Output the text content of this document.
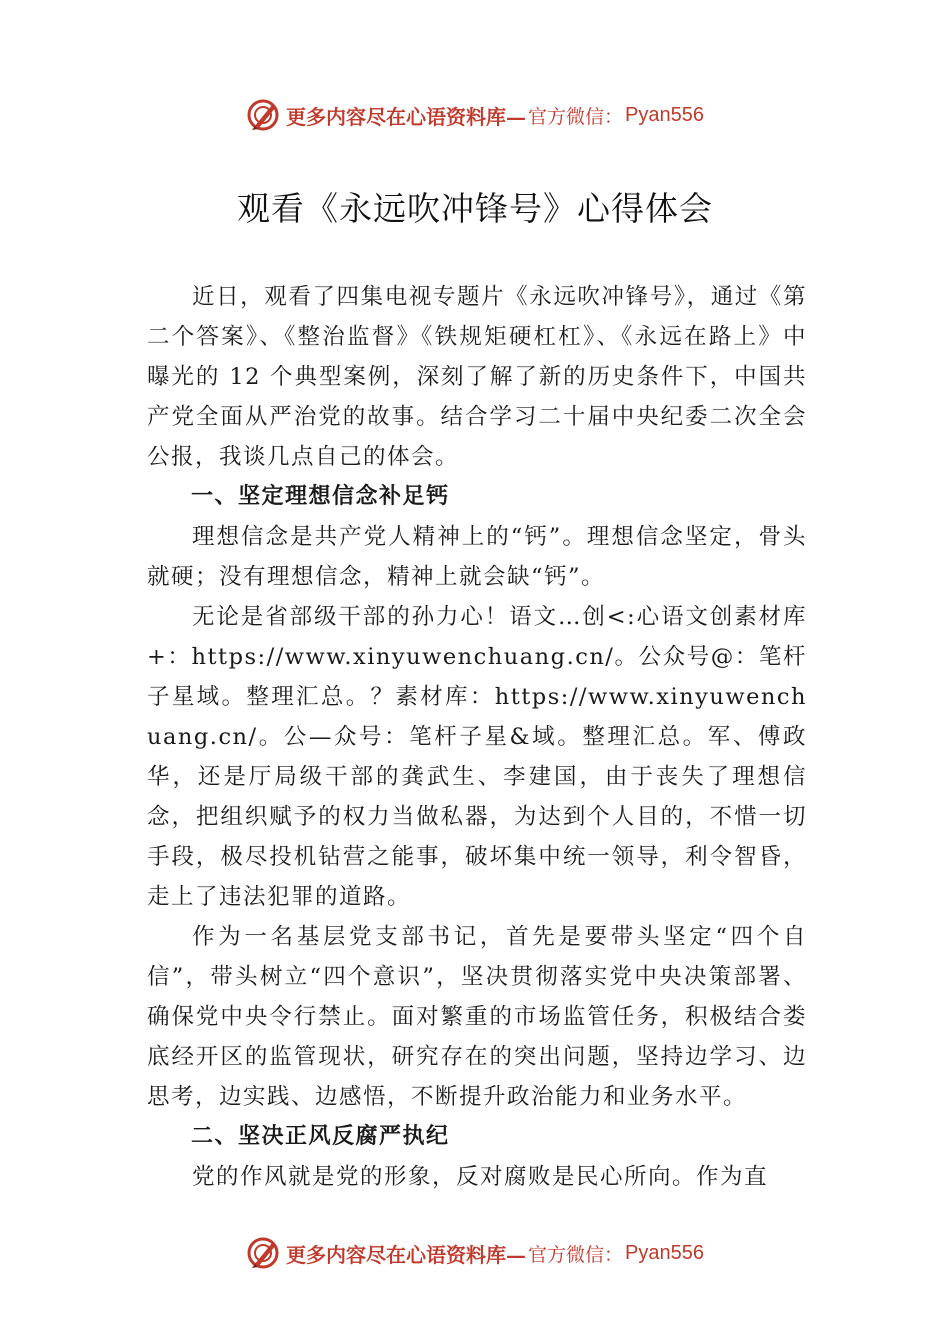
更多内容尽在心语资料库— 官方微信： Pyan556
观看《永远吹冲锋号》心得体会

近日，观看了四集电视专题片《永远吹冲锋号》，通过《第二个答案》、《整治监督》《铁规矩硬杠杠》、《永远在路上》中曝光的 12 个典型案例，深刻了解了新的历史条件下，中国共产党全面从严治党的故事。结合学习二十届中央纪委二次全会公报，我谈几点自己的体会。

一、坚定理想信念补足钙

理想信念是共产党人精神上的“钙”。理想信念坚定，骨头就硬；没有理想信念，精神上就会缺“钙”。

无论是省部级干部的孙力心！语文…创<:心语文创素材库+：https://www.xinyuwenchuang.cn/。公众号@：笔杆子星域。整理汇总。？素材库：https://www.xinyuwenchuang.cn/。公—众号：笔杆子星&域。整理汇总。军、傅政华，还是厅局级干部的龚武生、李建国，由于丧失了理想信念，把组织赋予的权力当做私器，为达到个人目的，不惜一切手段，极尽投机钻营之能事，破坏集中统一领导，利令智昏，走上了违法犯罪的道路。

作为一名基层党支部书记，首先是要带头坚定“四个自信”，带头树立“四个意识”，坚决贯彻落实党中央决策部署、确保党中央令行禁止。面对繁重的市场监管任务，积极结合娄底经开区的监管现状，研究存在的突出问题，坚持边学习、边思考，边实践、边感悟，不断提升政治能力和业务水平。

二、坚决正风反腐严执纪

党的作风就是党的形象，反对腐败是民心所向。作为直

更多内容尽在心语资料库— 官方微信： Pyan556
